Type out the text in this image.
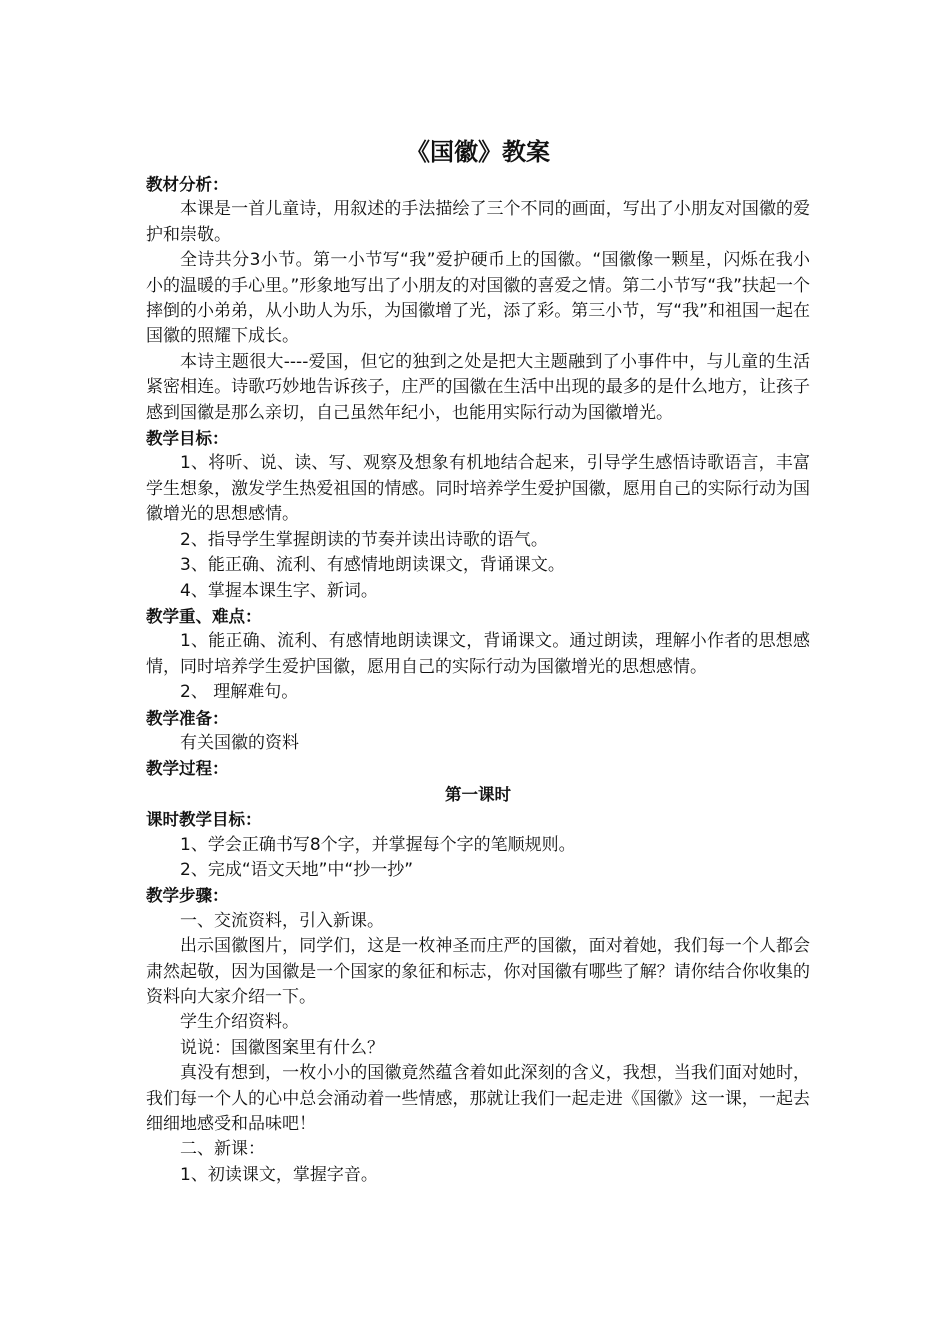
《国徽》教案

教材分析：

本课是一首儿童诗，用叙述的手法描绘了三个不同的画面，写出了小朋友对国徽的爱护和崇敬。

全诗共分3小节。第一小节写“我”爱护硬币上的国徽。“国徽像一颗星，闪烁在我小小的温暖的手心里。”形象地写出了小朋友的对国徽的喜爱之情。第二小节写“我”扶起一个摔倒的小弟弟，从小助人为乐，为国徽增了光，添了彩。第三小节，写“我”和祖国一起在国徽的照耀下成长。

本诗主题很大----爱国，但它的独到之处是把大主题融到了小事件中，与儿童的生活紧密相连。诗歌巧妙地告诉孩子，庄严的国徽在生活中出现的最多的是什么地方，让孩子感到国徽是那么亲切，自己虽然年纪小，也能用实际行动为国徽增光。

教学目标：

1、将听、说、读、写、观察及想象有机地结合起来，引导学生感悟诗歌语言，丰富学生想象，激发学生热爱祖国的情感。同时培养学生爱护国徽，愿用自己的实际行动为国徽增光的思想感情。

2、指导学生掌握朗读的节奏并读出诗歌的语气。

3、能正确、流利、有感情地朗读课文，背诵课文。

4、掌握本课生字、新词。

教学重、难点：

1、能正确、流利、有感情地朗读课文，背诵课文。通过朗读，理解小作者的思想感情，同时培养学生爱护国徽，愿用自己的实际行动为国徽增光的思想感情。

2、 理解难句。

教学准备：

有关国徽的资料

教学过程：

第一课时

课时教学目标：

1、学会正确书写8个字，并掌握每个字的笔顺规则。

2、完成“语文天地”中“抄一抄”

教学步骤：

一、交流资料，引入新课。

出示国徽图片，同学们，这是一枚神圣而庄严的国徽，面对着她，我们每一个人都会肃然起敬，因为国徽是一个国家的象征和标志，你对国徽有哪些了解？请你结合你收集的资料向大家介绍一下。

学生介绍资料。

说说：国徽图案里有什么？

真没有想到，一枚小小的国徽竟然蕴含着如此深刻的含义，我想，当我们面对她时，我们每一个人的心中总会涌动着一些情感，那就让我们一起走进《国徽》这一课，一起去细细地感受和品味吧！

二、新课：

1、初读课文，掌握字音。
